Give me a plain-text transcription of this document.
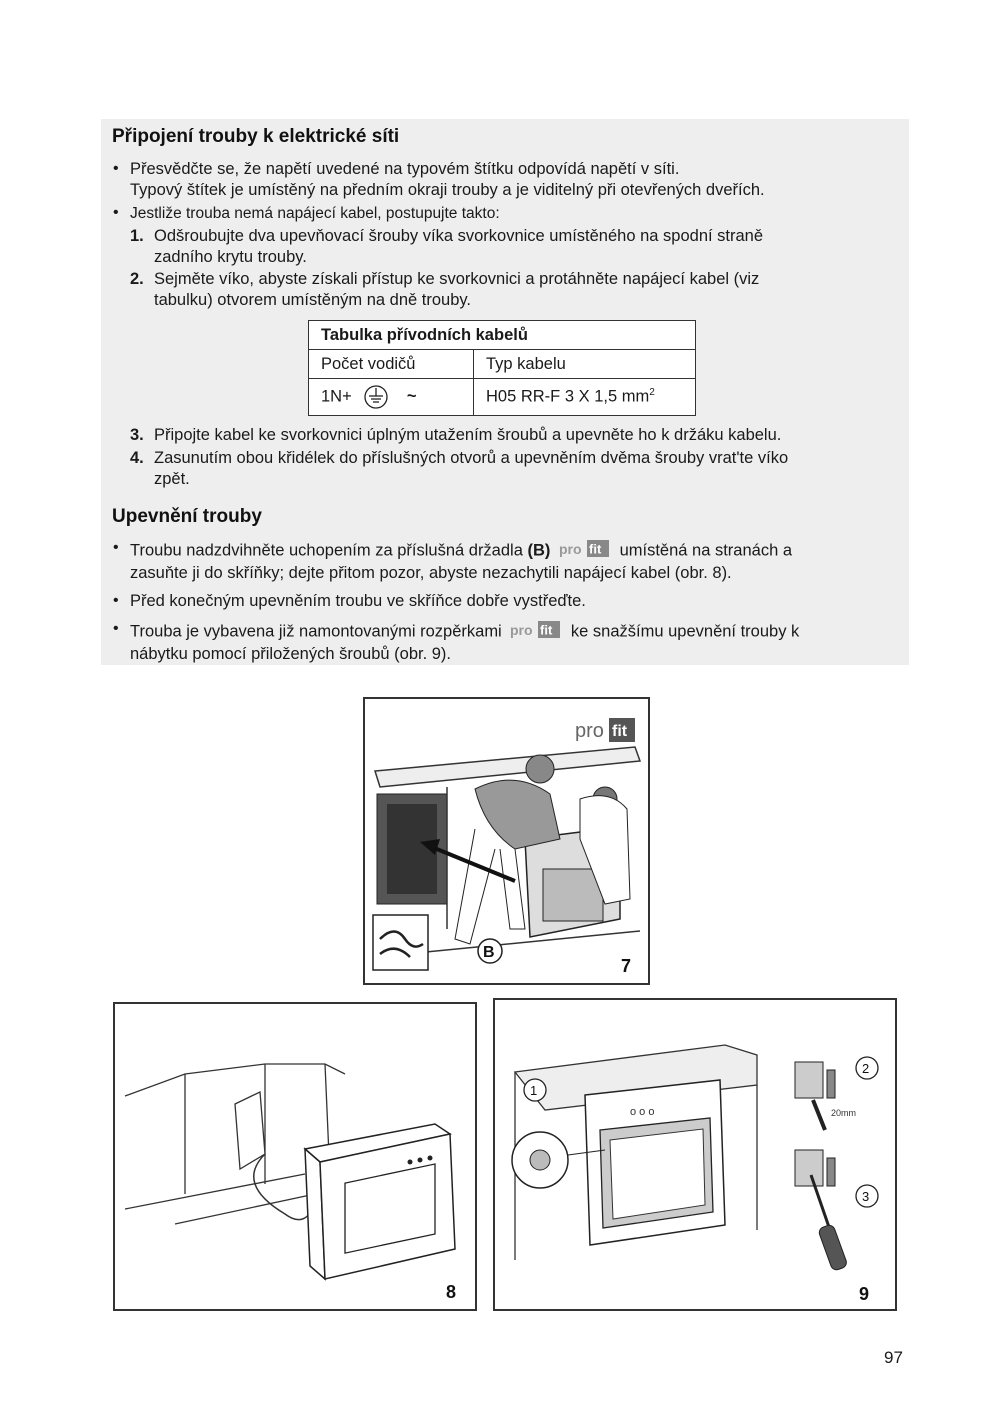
Připojení trouby k elektrické síti
• Přesvědčte se, že napětí uvedené na typovém štítku odpovídá napětí v síti.

Typový štítek je umístěný na předním okraji trouby a je viditelný při otevřených dveřích.

• Jestliže trouba nemá napájecí kabel, postupujte takto:

1. Odšroubujte dva upevňovací šrouby víka svorkovnice umístěného na spodní straně

zadního krytu trouby.

2. Sejměte víko, abyste získali přístup ke svorkovnici a protáhněte napájecí kabel (viz

tabulku) otvorem umístěným na dně trouby.

Tabulka přívodních kabelů	
Počet vodičů	Typ kabelu
1N+ ~	H05 RR-F 3 X 1,5 $mm^2$
3. Připojte kabel ke svorkovnici úplným utažením šroubů a upevněte ho k držáku kabelu.

4. Zasunutím obou křidélek do příslušných otvorů a upevněním dvěma šrouby vrat'te víko

zpět.

Upevnění trouby
• Troubu nadzdvihněte uchopením za příslušná držadla (B) pro fit umístěná na stranách a

zasuňte ji do skříňky; dejte přitom pozor, abyste nezachytili napájecí kabel (obr. 8).

• Před konečným upevněním troubu ve skříňce dobře vystřeďte.

• Trouba je vybavena již namontovanými rozpěrkami pro fit ke snažšímu upevnění trouby k

nábytku pomocí přiložených šroubů (obr. 9).

pro fit
B
7
8
o o o
1
20mm
2
3
9
97
